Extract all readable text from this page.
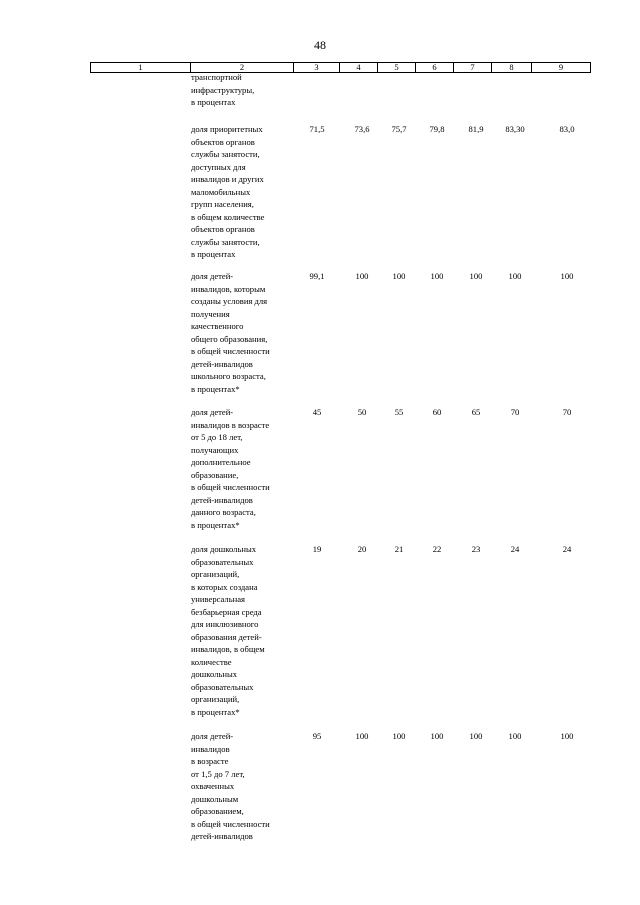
48
1	2	3	4	5	6	7	8	9
транспортной
инфраструктуры,
в процентах
доля приоритетных
объектов органов
службы занятости,
доступных для
инвалидов и других
маломобильных
групп населения,
в общем количестве
объектов органов
службы занятости,
в процентах
71,5	73,6	75,7	79,8	81,9	83,30	83,0
доля детей-
инвалидов, которым
созданы условия для
получения
качественного
общего образования,
в общей численности
детей-инвалидов
школьного возраста,
в процентах*
99,1	100	100	100	100	100	100
доля детей-
инвалидов в возрасте
от 5 до 18 лет,
получающих
дополнительное
образование,
в общей численности
детей-инвалидов
данного возраста,
в процентах*
45	50	55	60	65	70	70
доля дошкольных
образовательных
организаций,
в которых создана
универсальная
безбарьерная среда
для инклюзивного
образования детей-
инвалидов, в общем
количестве
дошкольных
образовательных
организаций,
в процентах*
19	20	21	22	23	24	24
доля детей-
инвалидов
в возрасте
от 1,5 до 7 лет,
охваченных
дошкольным
образованием,
в общей численности
детей-инвалидов
95	100	100	100	100	100	100
